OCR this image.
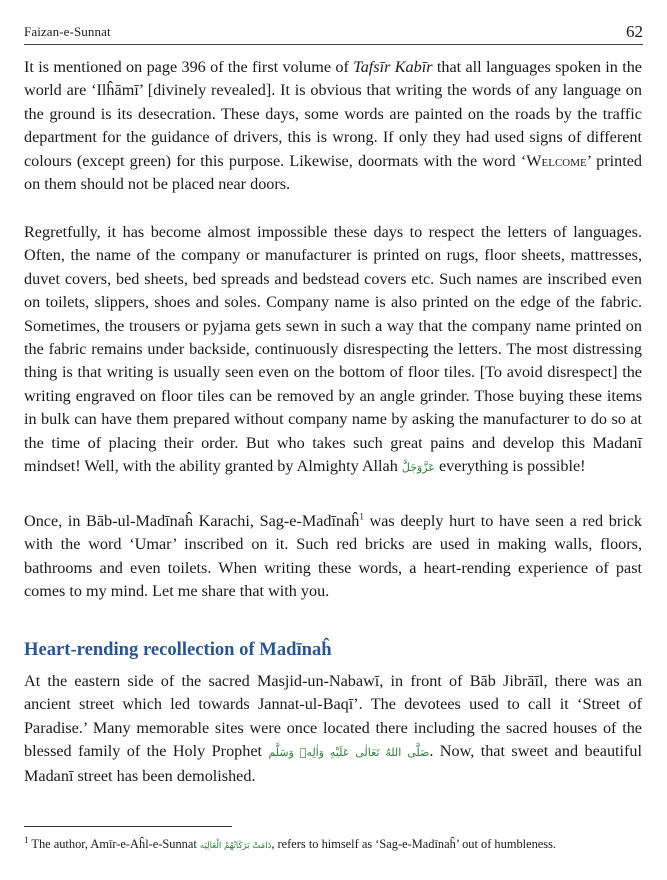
Faizan-e-Sunnat	62

It is mentioned on page 396 of the first volume of Tafsīr Kabīr that all languages spoken in the world are ‘Ilĥāmī’ [divinely revealed]. It is obvious that writing the words of any language on the ground is its desecration. These days, some words are painted on the roads by the traffic department for the guidance of drivers, this is wrong. If only they had used signs of different colours (except green) for this purpose. Likewise, doormats with the word ‘Welcome’ printed on them should not be placed near doors.

Regretfully, it has become almost impossible these days to respect the letters of languages. Often, the name of the company or manufacturer is printed on rugs, floor sheets, mattresses, duvet covers, bed sheets, bed spreads and bedstead covers etc. Such names are inscribed even on toilets, slippers, shoes and soles. Company name is also printed on the edge of the fabric. Sometimes, the trousers or pyjama gets sewn in such a way that the company name printed on the fabric remains under backside, continuously disrespecting the letters. The most distressing thing is that writing is usually seen even on the bottom of floor tiles. [To avoid disrespect] the writing engraved on floor tiles can be removed by an angle grinder. Those buying these items in bulk can have them prepared without company name by asking the manufacturer to do so at the time of placing their order. But who takes such great pains and develop this Madanī mindset! Well, with the ability granted by Almighty Allah عَزَّوَجَلَّ everything is possible!

Once, in Bāb-ul-Madīnaĥ Karachi, Sag-e-Madīnaĥ$^1$ was deeply hurt to have seen a red brick with the word ‘Umar’ inscribed on it. Such red bricks are used in making walls, floors, bathrooms and even toilets. When writing these words, a heart-rending experience of past comes to my mind. Let me share that with you.

Heart-rending recollection of Madīnaĥ

At the eastern side of the sacred Masjid-un-Nabawī, in front of Bāb Jibrāīl, there was an ancient street which led towards Jannat-ul-Baqī’. The devotees used to call it ‘Street of Paradise.’ Many memorable sites were once located there including the sacred houses of the blessed family of the Holy Prophet صَلَّى اللهُ تَعَالٰى عَلَيْهِ وَاٰلِهٖ وَسَلَّم. Now, that sweet and beautiful Madanī street has been demolished.

$^1$ The author, Amīr-e-Aĥl-e-Sunnat دَامَتْ بَرَكَاتُهُمُ الْعَالِيَه, refers to himself as ‘Sag-e-Madīnaĥ’ out of humbleness.
